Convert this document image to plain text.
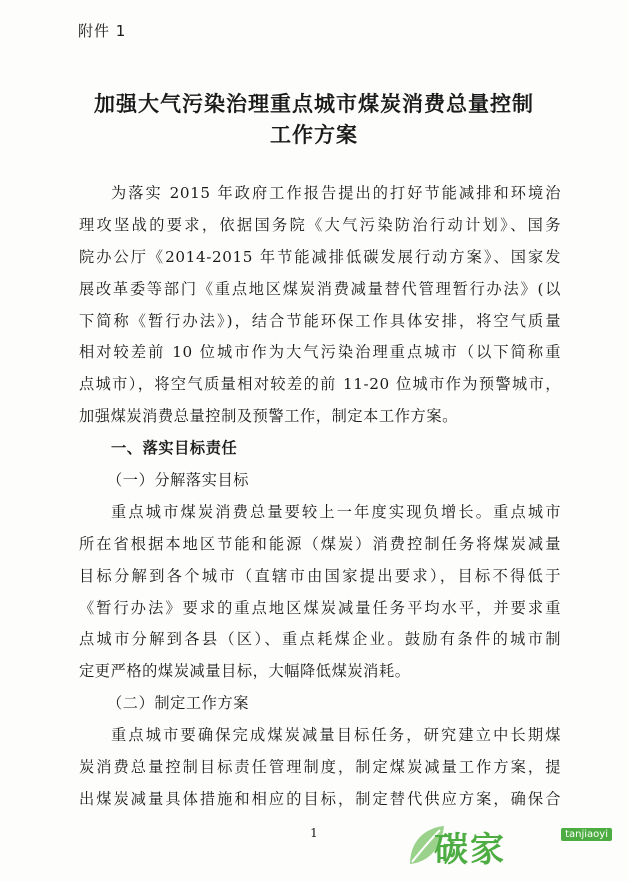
附件 1
加强大气污染治理重点城市煤炭消费总量控制
工作方案
为落实 2015 年政府工作报告提出的打好节能减排和环境治
理攻坚战的要求，依据国务院《大气污染防治行动计划》、国务
院办公厅《2014-2015 年节能减排低碳发展行动方案》、国家发
展改革委等部门《重点地区煤炭消费减量替代管理暂行办法》(以
下简称《暂行办法》)，结合节能环保工作具体安排，将空气质量
相对较差前 10 位城市作为大气污染治理重点城市（以下简称重
点城市），将空气质量相对较差的前 11-20 位城市作为预警城市，
加强煤炭消费总量控制及预警工作，制定本工作方案。
一、落实目标责任
（一）分解落实目标
重点城市煤炭消费总量要较上一年度实现负增长。重点城市
所在省根据本地区节能和能源（煤炭）消费控制任务将煤炭减量
目标分解到各个城市（直辖市由国家提出要求），目标不得低于
《暂行办法》要求的重点地区煤炭减量任务平均水平，并要求重
点城市分解到各县（区）、重点耗煤企业。鼓励有条件的城市制
定更严格的煤炭减量目标，大幅降低煤炭消耗。
（二）制定工作方案
重点城市要确保完成煤炭减量目标任务，研究建立中长期煤
炭消费总量控制目标责任管理制度，制定煤炭减量工作方案，提
出煤炭减量具体措施和相应的目标，制定替代供应方案，确保合
1	碳家	tanjiaoyi
